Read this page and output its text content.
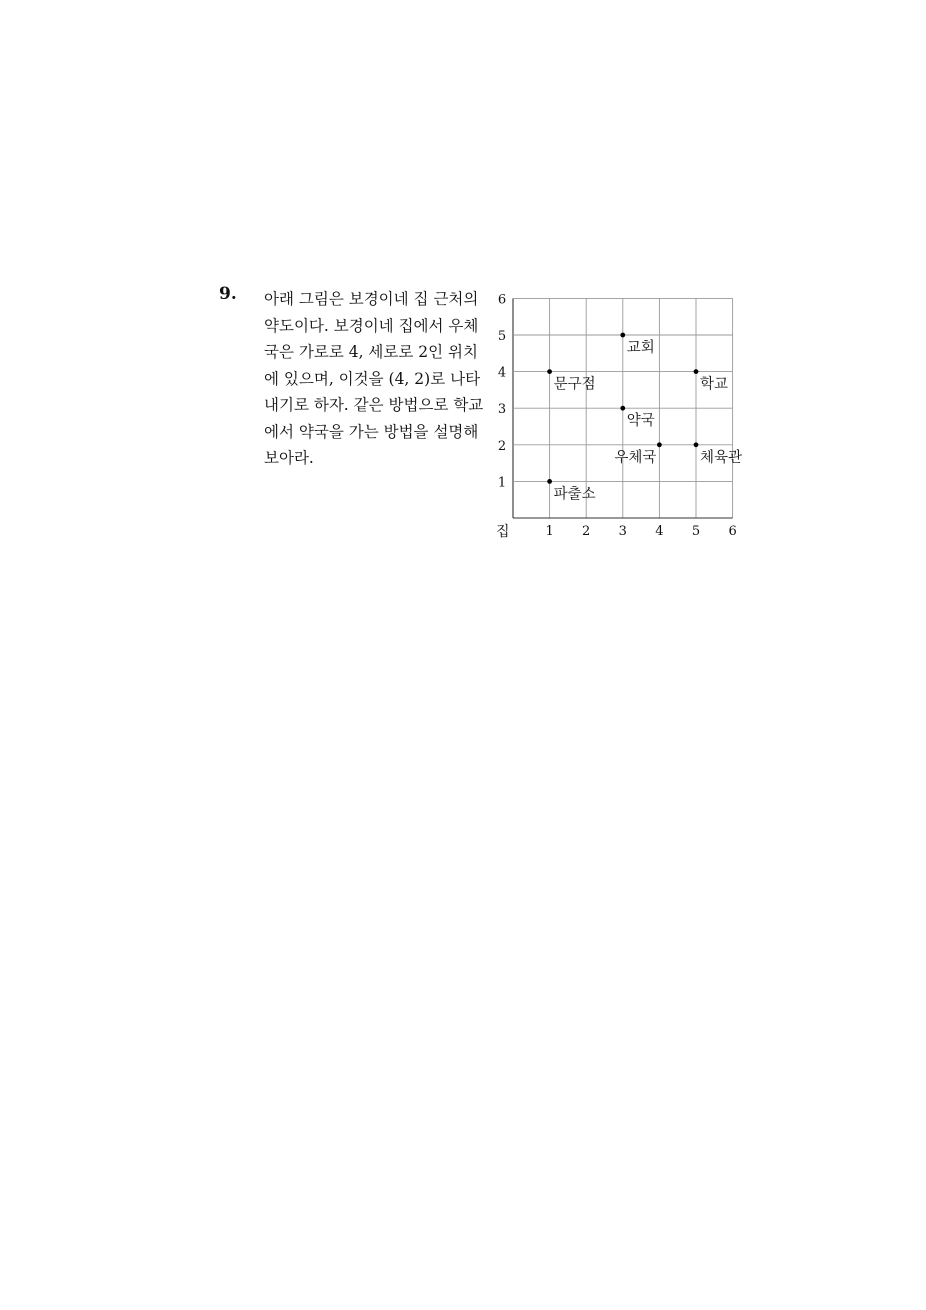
9. 아래 그림은 보경이네 집 근처의
약도이다. 보경이네 집에서 우체
국은 가로로 4, 세로로 2인 위치
에 있으며, 이것을 (4, 2)로 나타
내기로 하자. 같은 방법으로 학교
에서 약국을 가는 방법을 설명해
보아라.

1 2 3 4 5 6
1
2
3
4
5
6
교회
문구점	학교
약국
우체국	체육관
파출소
집
